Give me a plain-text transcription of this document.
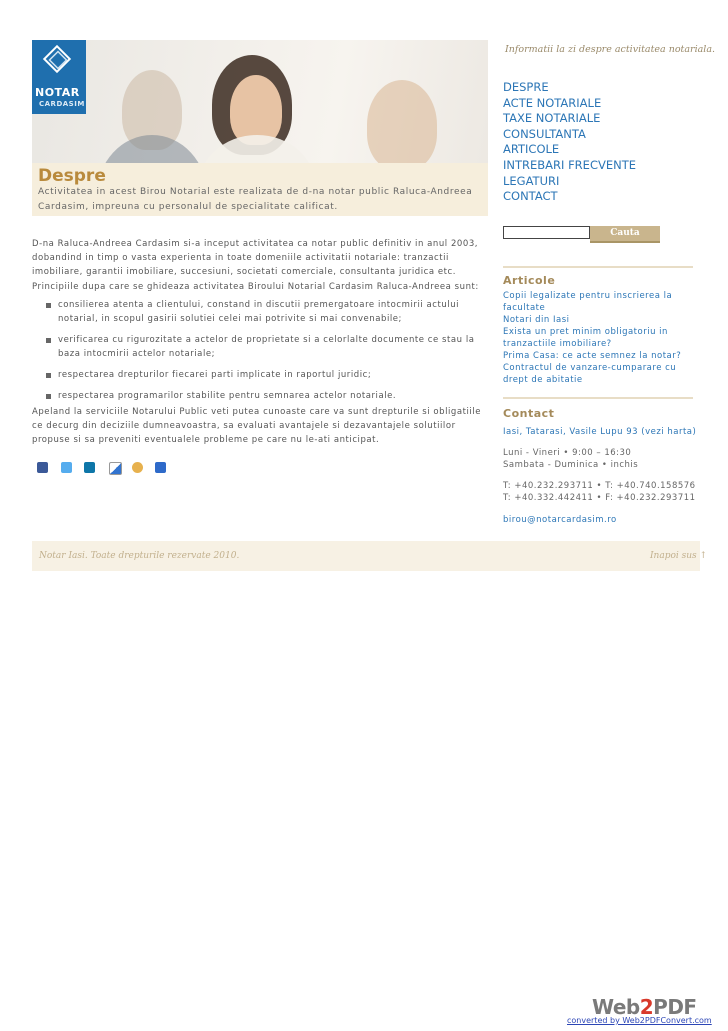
NOTAR
CARDASIM
Despre
Activitatea in acest Birou Notarial este realizata de d-na notar public Raluca-Andreea Cardasim, impreuna cu personalul de specialitate calificat.
Informatii la zi despre activitatea notariala.
DESPRE
ACTE NOTARIALE
TAXE NOTARIALE
CONSULTANTA
ARTICOLE
INTREBARI FRECVENTE
LEGATURI
CONTACT
Cauta
D-na Raluca-Andreea Cardasim si-a inceput activitatea ca notar public definitiv in anul 2003, dobandind in timp o vasta experienta in toate domeniile activitatii notariale: tranzactii imobiliare, garantii imobiliare, succesiuni, societati comerciale, consultanta juridica etc.
Principiile dupa care se ghideaza activitatea Biroului Notarial Cardasim Raluca-Andreea sunt:
consilierea atenta a clientului, constand in discutii premergatoare intocmirii actului notarial, in scopul gasirii solutiei celei mai potrivite si mai convenabile;
verificarea cu rigurozitate a actelor de proprietate si a celorlalte documente ce stau la baza intocmirii actelor notariale;
respectarea drepturilor fiecarei parti implicate in raportul juridic;
respectarea programarilor stabilite pentru semnarea actelor notariale.
Apeland la serviciile Notarului Public veti putea cunoaste care va sunt drepturile si obligatiile ce decurg din deciziile dumneavoastra, sa evaluati avantajele si dezavantajele solutiilor propuse si sa preveniti eventualele probleme pe care nu le-ati anticipat.
Articole
Copii legalizate pentru inscrierea la facultate
Notari din Iasi
Exista un pret minim obligatoriu in tranzactiile imobiliare?
Prima Casa: ce acte semnez la notar?
Contractul de vanzare-cumparare cu drept de abitatie
Contact
Iasi, Tatarasi, Vasile Lupu 93 (vezi harta)
Luni - Vineri • 9:00 – 16:30
Sambata - Duminica • inchis
T: +40.232.293711 • T: +40.740.158576
T: +40.332.442411 • F: +40.232.293711
birou@notarcardasim.ro
Notar Iasi. Toate drepturile rezervate 2010.	Inapoi sus ↑
Web2PDF
converted by Web2PDFConvert.com
